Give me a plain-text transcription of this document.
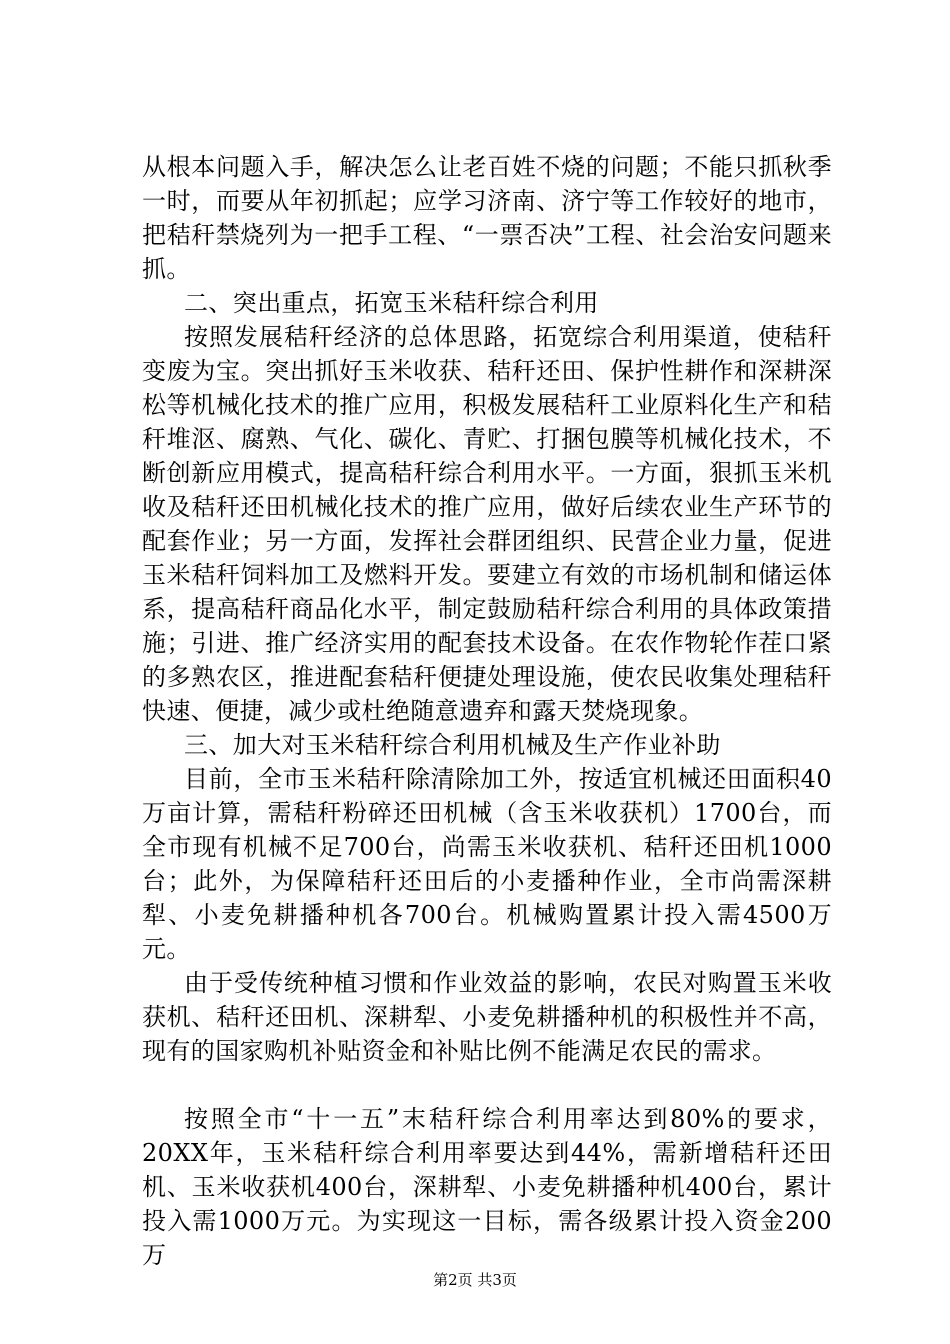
从根本问题入手，解决怎么让老百姓不烧的问题；不能只抓秋季一时，而要从年初抓起；应学习济南、济宁等工作较好的地市，把秸秆禁烧列为一把手工程、“一票否决”工程、社会治安问题来抓。

二、突出重点，拓宽玉米秸秆综合利用

按照发展秸秆经济的总体思路，拓宽综合利用渠道，使秸秆变废为宝。突出抓好玉米收获、秸秆还田、保护性耕作和深耕深松等机械化技术的推广应用，积极发展秸秆工业原料化生产和秸秆堆沤、腐熟、气化、碳化、青贮、打捆包膜等机械化技术，不断创新应用模式，提高秸秆综合利用水平。一方面，狠抓玉米机收及秸秆还田机械化技术的推广应用，做好后续农业生产环节的配套作业；另一方面，发挥社会群团组织、民营企业力量，促进玉米秸秆饲料加工及燃料开发。要建立有效的市场机制和储运体系，提高秸秆商品化水平，制定鼓励秸秆综合利用的具体政策措施；引进、推广经济实用的配套技术设备。在农作物轮作茬口紧的多熟农区，推进配套秸秆便捷处理设施，使农民收集处理秸秆快速、便捷，减少或杜绝随意遗弃和露天焚烧现象。

三、加大对玉米秸秆综合利用机械及生产作业补助

目前，全市玉米秸秆除清除加工外，按适宜机械还田面积40万亩计算，需秸秆粉碎还田机械（含玉米收获机）1700台，而全市现有机械不足700台，尚需玉米收获机、秸秆还田机1000台；此外，为保障秸秆还田后的小麦播种作业，全市尚需深耕犁、小麦免耕播种机各700台。机械购置累计投入需4500万元。

由于受传统种植习惯和作业效益的影响，农民对购置玉米收获机、秸秆还田机、深耕犁、小麦免耕播种机的积极性并不高，现有的国家购机补贴资金和补贴比例不能满足农民的需求。

按照全市“十一五”末秸秆综合利用率达到80%的要求，20XX年，玉米秸秆综合利用率要达到44%，需新增秸秆还田机、玉米收获机400台，深耕犁、小麦免耕播种机400台，累计投入需1000万元。为实现这一目标，需各级累计投入资金200万

第2页 共3页
